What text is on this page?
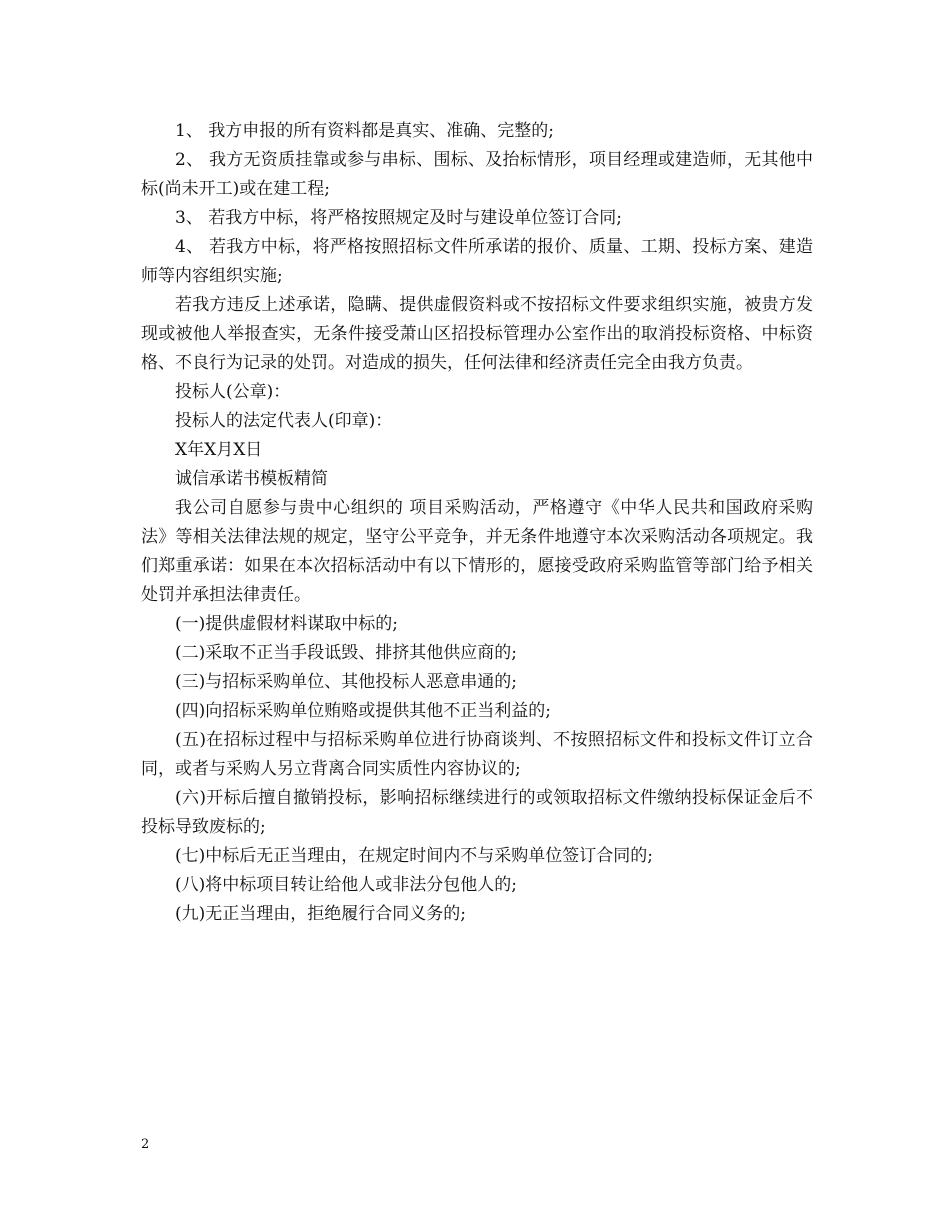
1、 我方申报的所有资料都是真实、准确、完整的;

2、 我方无资质挂靠或参与串标、围标、及抬标情形，项目经理或建造师，无其他中标(尚未开工)或在建工程;

3、 若我方中标，将严格按照规定及时与建设单位签订合同;

4、 若我方中标，将严格按照招标文件所承诺的报价、质量、工期、投标方案、建造师等内容组织实施;

若我方违反上述承诺，隐瞒、提供虚假资料或不按招标文件要求组织实施，被贵方发现或被他人举报查实，无条件接受萧山区招投标管理办公室作出的取消投标资格、中标资格、不良行为记录的处罚。对造成的损失，任何法律和经济责任完全由我方负责。

投标人(公章)：

投标人的法定代表人(印章)：

X年X月X日

诚信承诺书模板精简

我公司自愿参与贵中心组织的 项目采购活动，严格遵守《中华人民共和国政府采购法》等相关法律法规的规定，坚守公平竞争，并无条件地遵守本次采购活动各项规定。我们郑重承诺：如果在本次招标活动中有以下情形的，愿接受政府采购监管等部门给予相关处罚并承担法律责任。

(一)提供虚假材料谋取中标的;

(二)采取不正当手段诋毁、排挤其他供应商的;

(三)与招标采购单位、其他投标人恶意串通的;

(四)向招标采购单位贿赂或提供其他不正当利益的;

(五)在招标过程中与招标采购单位进行协商谈判、不按照招标文件和投标文件订立合同，或者与采购人另立背离合同实质性内容协议的;

(六)开标后擅自撤销投标，影响招标继续进行的或领取招标文件缴纳投标保证金后不投标导致废标的;

(七)中标后无正当理由，在规定时间内不与采购单位签订合同的;

(八)将中标项目转让给他人或非法分包他人的;

(九)无正当理由，拒绝履行合同义务的;

2
